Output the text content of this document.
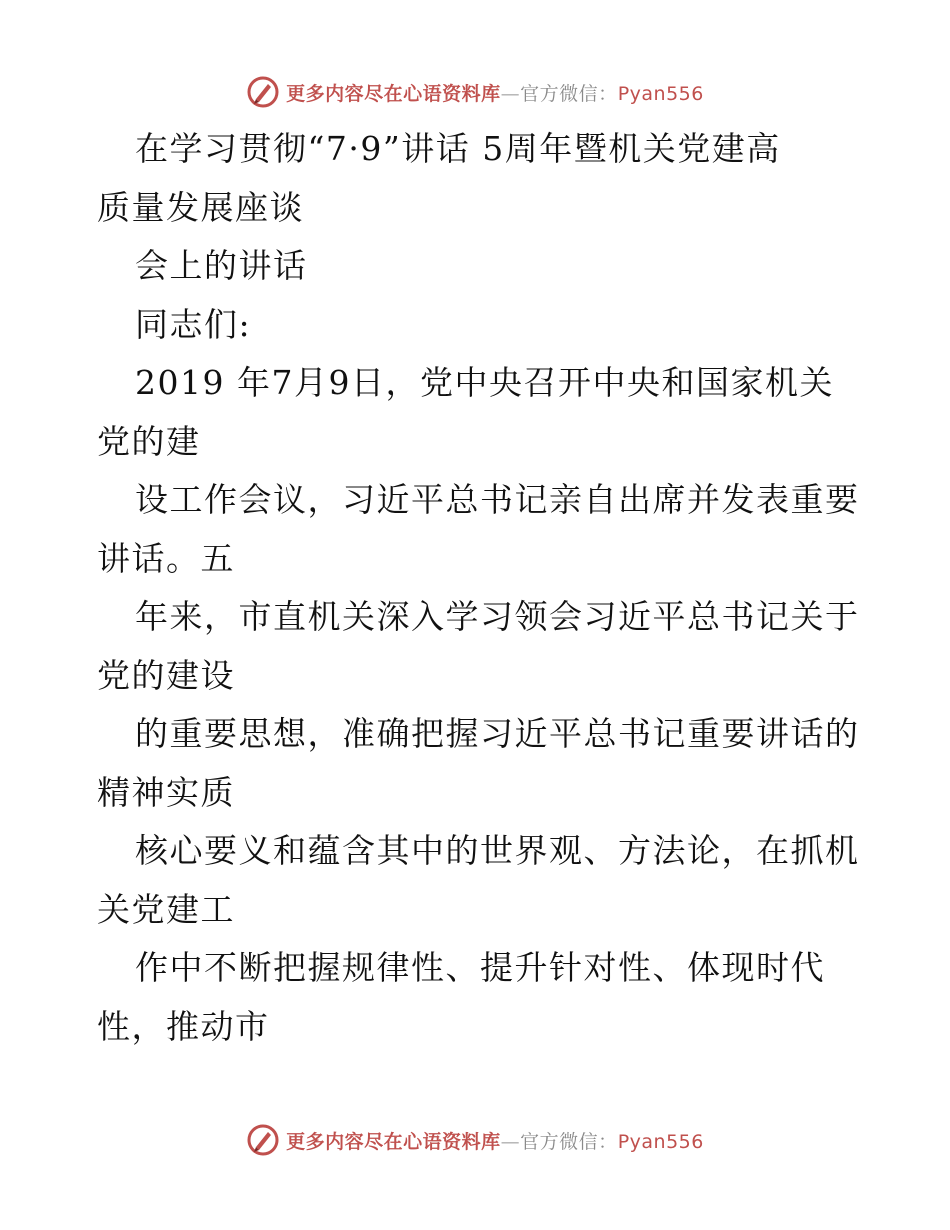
更多内容尽在心语资料库—官方微信：Pyan556
在学习贯彻“7·9”讲话 5周年暨机关党建高
质量发展座谈
会上的讲话
同志们:
2019 年7月9日，党中央召开中央和国家机关
党的建
设工作会议，习近平总书记亲自出席并发表重要
讲话。五
年来，市直机关深入学习领会习近平总书记关于
党的建设
的重要思想，准确把握习近平总书记重要讲话的
精神实质
核心要义和蕴含其中的世界观、方法论，在抓机
关党建工
作中不断把握规律性、提升针对性、体现时代
性，推动市
更多内容尽在心语资料库—官方微信：Pyan556
